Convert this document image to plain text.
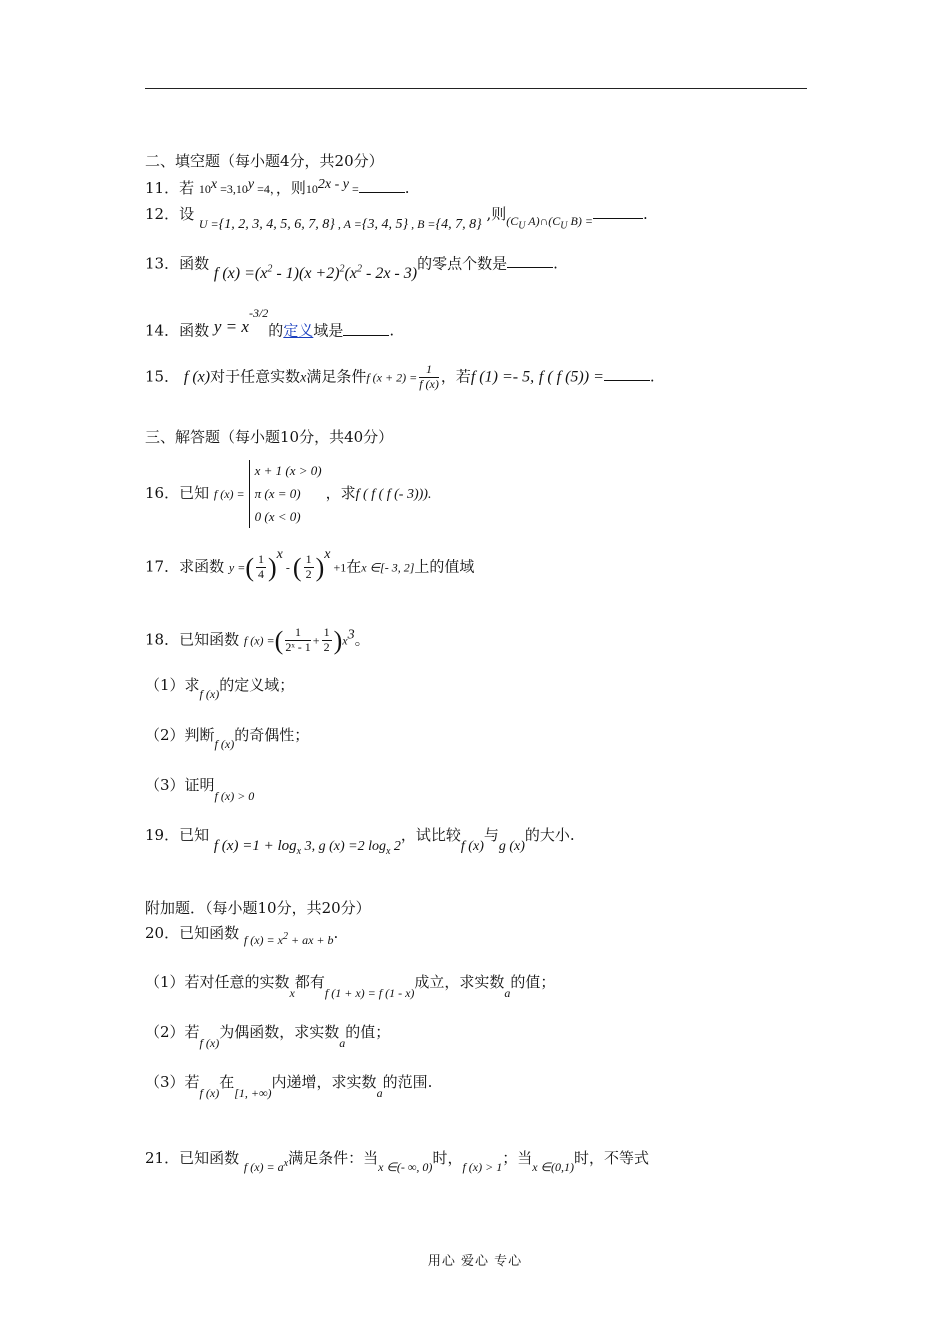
二、填空题（每小题4分，共20分）
11．若 $10^x =3,10^y =4$，，则$10^{2x - y}$ =	.
12．设 $_{U =\{1, 2, 3, 4, 5, 6, 7, 8\} , A =\{3, 4, 5\} , B =\{4, 7, 8\}}$ ,则$_{(C_U A)\cap(C_U B) =}$	.
13．函数 f $(x) =(x^2 - 1)(x +2)^2(x^2 - 2x - 3)$的零点个数是	.
14．函数 $y = x^{-3/2}$的定义域是	.
15． f (x)对于任意实数x满足条件f $(x + 2) = \frac{1}{f (x)}$ ，若f (1) =- 5, f ( f (5)) =	.
三、解答题（每小题10分，共40分）
16．已知 f (x) =
x + 1 (x > 0)
π (x = 0)
0 (x < 0)
，求f ( f ( f (- 3))).
17．求函数 y =( $\frac{1}{4} )^x$ - ( $\frac{1}{2} )^x +1$在x ∈[- 3, 2]上的值域
18．已知函数 f (x) =( $\frac{1}{\text{2ˣ - 1}} + \frac{1}{2} )x^3$。
（1）求$_{f (x)}$的定义域；
（2）判断$_{f (x)}$的奇偶性；
（3）证明$_{f (x) > 0}$
19．已知 f $(x) =1 + \log_x 3$, g (x) =2 $\log_x 2$，试比较f (x)与g (x)的大小.
附加题．（每小题10分，共20分）
20．已知函数 $_{f (x) = x^2 + ax + b}$.
（1）若对任意的实数$_x$都有$_{f (1 + x) = f (1 - x)}$成立，求实数$_a$的值；
（2）若$_{f (x)}$为偶函数，求实数$_a$的值；
（3）若$_{f (x)}$在$_{[1, +\infty)}$内递增，求实数$_a$的范围.
21．已知函数 $_{f (x) = a^x}$满足条件：当$_{x \in(- \infty, 0)}$时，$_{f (x) > 1}$；当$_{x \in(0,1)}$时，不等式
用心 爱心 专心
